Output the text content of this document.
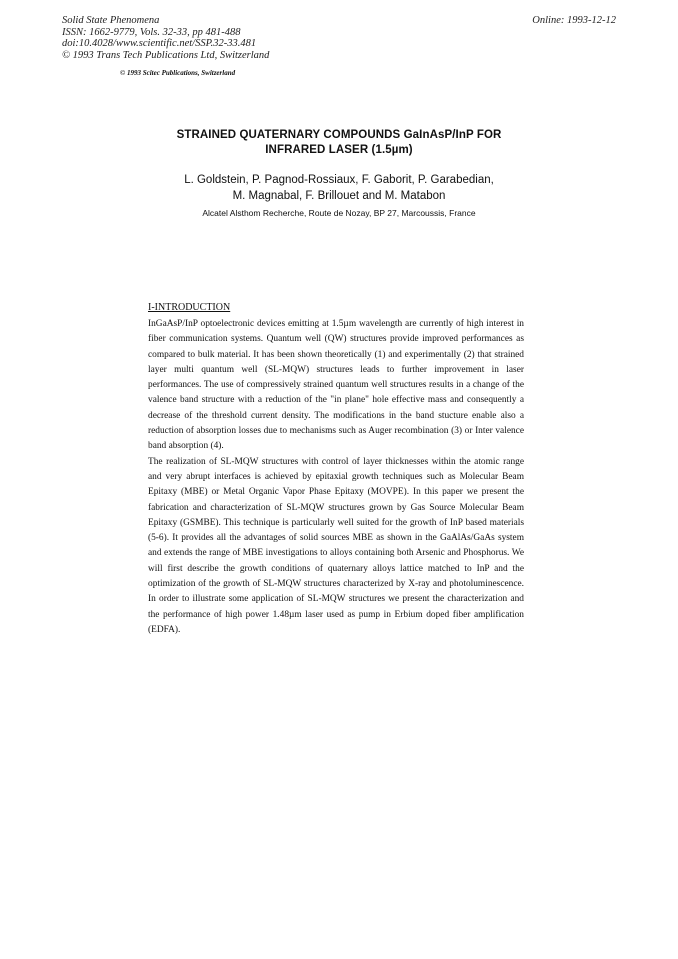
Solid State Phenomena
ISSN: 1662-9779, Vols. 32-33, pp 481-488
doi:10.4028/www.scientific.net/SSP.32-33.481
© 1993 Trans Tech Publications Ltd, Switzerland
Online: 1993-12-12
© 1993 Scitec Publications, Switzerland
STRAINED QUATERNARY COMPOUNDS GaInAsP/InP FOR
INFRARED LASER (1.5µm)
L. Goldstein, P. Pagnod-Rossiaux, F. Gaborit, P. Garabedian,
M. Magnabal, F. Brillouet and M. Matabon
Alcatel Alsthom Recherche, Route de Nozay, BP 27, Marcoussis, France
I-INTRODUCTION

InGaAsP/InP optoelectronic devices emitting at 1.5µm wavelength are currently of high interest in fiber communication systems. Quantum well (QW) structures provide improved performances as compared to bulk material. It has been shown theoretically (1) and experimentally (2) that strained layer multi quantum well (SL-MQW) structures leads to further improvement in laser performances. The use of compressively strained quantum well structures results in a change of the valence band structure with a reduction of the "in plane" hole effective mass and consequently a decrease of the threshold current density. The modifications in the band stucture enable also a reduction of absorption losses due to mechanisms such as Auger recombination (3) or Inter valence band absorption (4).

The realization of SL-MQW structures with control of layer thicknesses within the atomic range and very abrupt interfaces is achieved by epitaxial growth techniques such as Molecular Beam Epitaxy (MBE) or Metal Organic Vapor Phase Epitaxy (MOVPE). In this paper we present the fabrication and characterization of SL-MQW structures grown by Gas Source Molecular Beam Epitaxy (GSMBE). This technique is particularly well suited for the growth of InP based materials (5-6). It provides all the advantages of solid sources MBE as shown in the GaAlAs/GaAs system and extends the range of MBE investigations to alloys containing both Arsenic and Phosphorus. We will first describe the growth conditions of quaternary alloys lattice matched to InP and the optimization of the growth of SL-MQW structures characterized by X-ray and photoluminescence. In order to illustrate some application of SL-MQW structures we present the characterization and the performance of high power 1.48µm laser used as pump in Erbium doped fiber amplification (EDFA).
